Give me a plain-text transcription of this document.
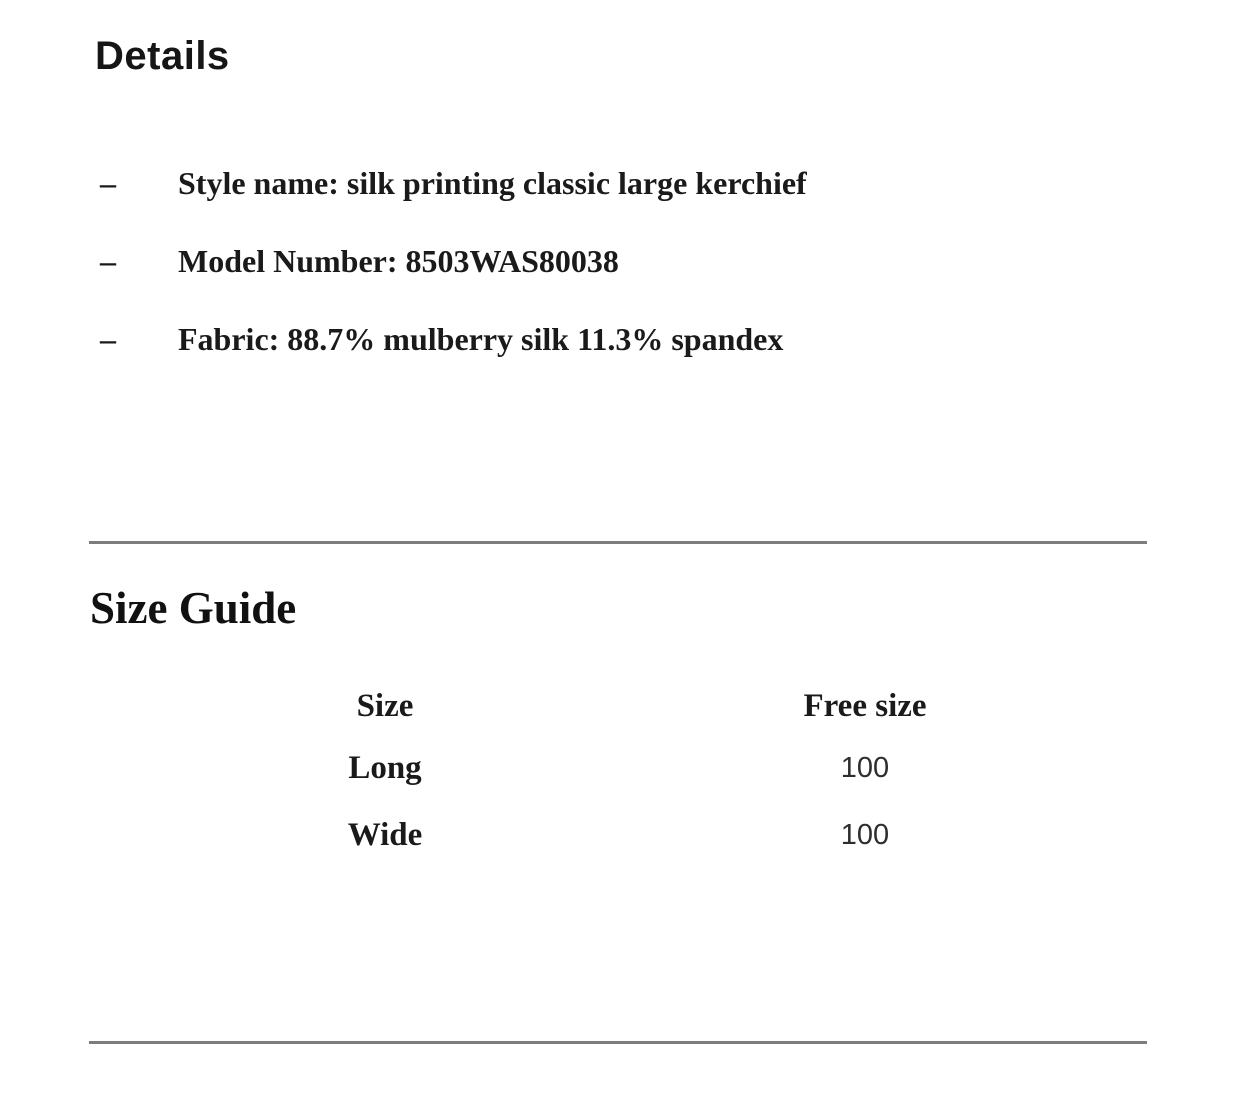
Details
–	Style name: silk printing classic large kerchief
–	Model Number: 8503WAS80038
–	Fabric: 88.7% mulberry silk 11.3% spandex
Size Guide
Size	Free size
Long	100
Wide	100
